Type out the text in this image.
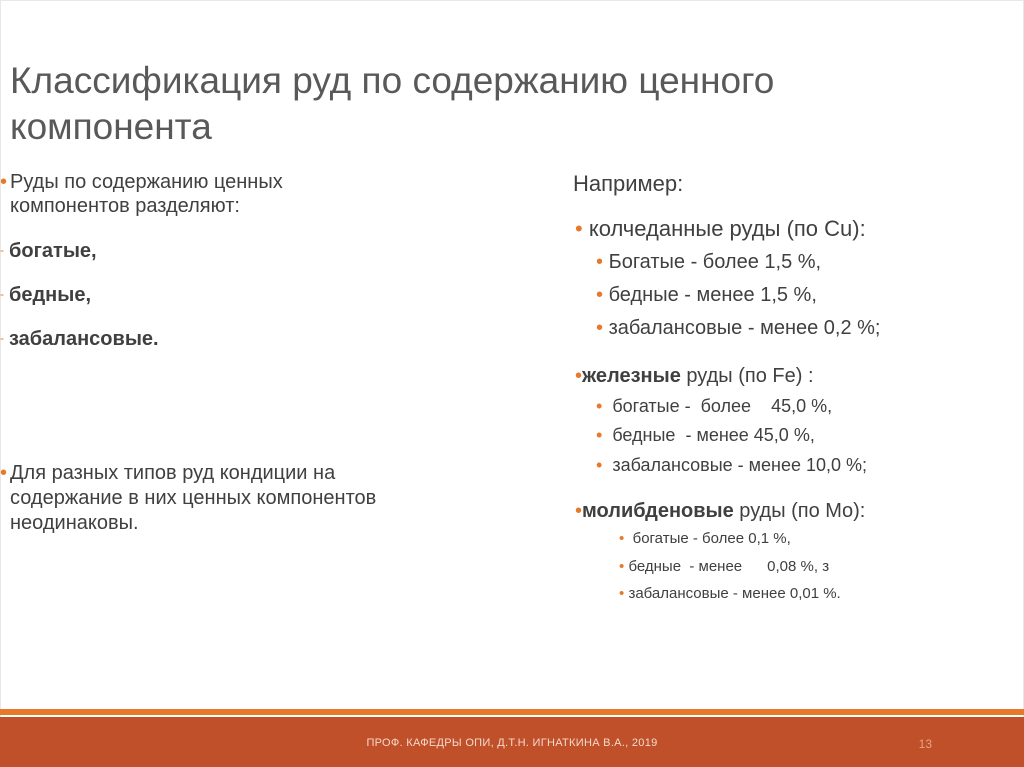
Классификация руд по содержанию ценного компонента
• Руды по содержанию ценных
компонентов разделяют:
- богатые,
- бедные,
- забалансовые.
• Для разных типов руд кондиции на
содержание в них ценных компонентов
неодинаковы.
Например:
• колчеданные руды (по Cu):
• Богатые - более 1,5 %,
• бедные - менее 1,5 %,
• забалансовые - менее 0,2 %;
•железные руды (по Fe) :
• богатые -  более    45,0 %,
• бедные  - менее 45,0 %,
• забалансовые - менее 10,0 %;
•молибденовые руды (по Mo):
•  богатые - более 0,1 %,
• бедные  - менее      0,08 %, з
• забалансовые - менее 0,01 %.
ПРОФ. КАФЕДРЫ ОПИ, Д.Т.Н. ИГНАТКИНА В.А., 2019	13
